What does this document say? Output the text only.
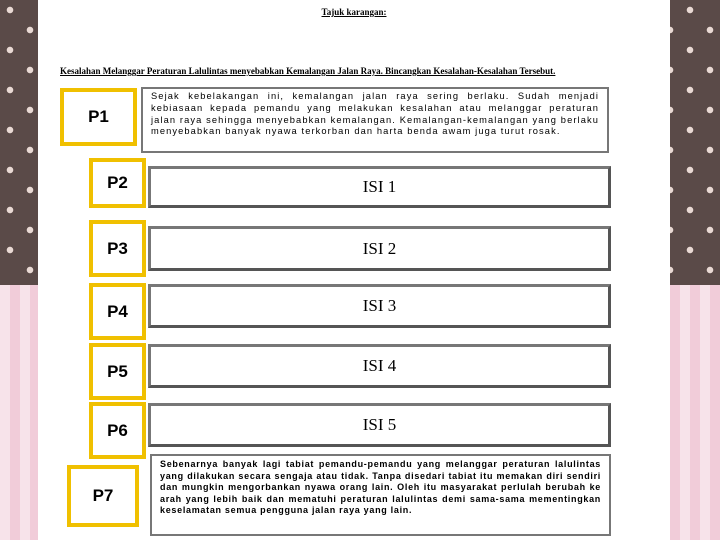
Tajuk karangan:
Kesalahan Melanggar Peraturan Lalulintas menyebabkan Kemalangan Jalan Raya. Bincangkan Kesalahan-Kesalahan Tersebut.
P1
Sejak kebelakangan ini, kemalangan jalan raya sering berlaku. Sudah menjadi kebiasaan kepada pemandu yang melakukan kesalahan atau melanggar peraturan jalan raya sehingga menyebabkan kemalangan. Kemalangan-kemalangan yang berlaku menyebabkan banyak nyawa terkorban dan harta benda awam juga turut rosak.
P2	ISI 1
P3	ISI 2
P4	ISI 3
P5	ISI 4
P6	ISI 5
P7
Sebenarnya banyak lagi tabiat pemandu-pemandu yang melanggar peraturan lalulintas yang dilakukan secara sengaja atau tidak. Tanpa disedari tabiat itu memakan diri sendiri dan mungkin mengorbankan nyawa orang lain. Oleh itu masyarakat perlulah berubah ke arah yang lebih baik dan mematuhi peraturan lalulintas demi sama-sama mementingkan keselamatan semua pengguna jalan raya yang lain.
